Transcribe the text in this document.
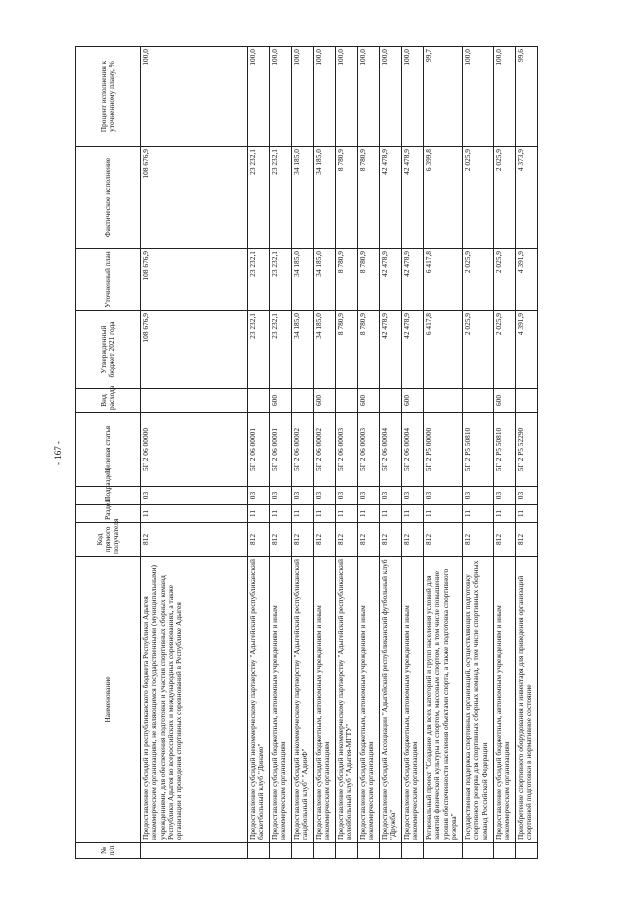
- 167 -
№ п/п	Наименование	Код прямого получателя	Раздел	Подраздел	Целевая статья	Вид расхода	Утвержденный бюджет 2021 года	Уточненный план	Фактическое исполнение	Процент исполнения к уточненному плану, %
	Предоставление субсидий из республиканского бюджета Республики Адыгея некоммерческим организациям, не являющимся государственными (муниципальными) учреждениями, для обеспечения подготовки и участия спортивных сборных команд Республики Адыгея во всероссийских и международных соревнованиях, а также организации и проведения спортивных соревнований в Республике Адыгея	812	11	03	5Г 2 06 00000		108 676,9	108 676,9	108 676,9	100,0
	Предоставление субсидий некоммерческому партнерству "Адыгейский республиканский баскетбольный клуб "Динамо"	812	11	03	5Г 2 06 00001		23 232,1	23 232,1	23 232,1	100,0
	Предоставление субсидий бюджетным, автономным учреждениям и иным некоммерческим организациям	812	11	03	5Г 2 06 00001	600	23 232,1	23 232,1	23 232,1	100,0
	Предоставление субсидий некоммерческому партнерству "Адыгейский республиканский гандбольный клуб" "АдииФ"	812	11	03	5Г 2 06 00002		34 185,0	34 185,0	34 185,0	100,0
	Предоставление субсидий бюджетным, автономным учреждениям и иным некоммерческим организациям	812	11	03	5Г 2 06 00002	600	34 185,0	34 185,0	34 185,0	100,0
	Предоставление субсидий некоммерческому партнерству "Адыгейский республиканский волейбольный клуб "Адыгея-МГТУ"	812	11	03	5Г 2 06 00003		8 780,9	8 780,9	8 780,9	100,0
	Предоставление субсидий бюджетным, автономным учреждениям и иным некоммерческим организациям	812	11	03	5Г 2 06 00003	600	8 780,9	8 780,9	8 780,9	100,0
	Предоставление субсидий Ассоциации "Адыгейский республиканский футбольный клуб "Дружба"	812	11	03	5Г 2 06 00004		42 478,9	42 478,9	42 478,9	100,0
	Предоставление субсидий бюджетным, автономным учреждениям и иным некоммерческим организациям	812	11	03	5Г 2 06 00004	600	42 478,9	42 478,9	42 478,9	100,0
	Региональный проект "Создание для всех категорий и групп населения условий для занятий физической культуры и спортом, массовым спортом, в том числе повышение уровня обеспеченности населения объектами спорта, а также подготовка спортивного резерва"	812	11	03	5Г 2 Р5 00000		6 417,8	6 417,8	6 399,8	99,7
	Государственная поддержка спортивных организаций, осуществляющих подготовку спортивного резерва для спортивных сборных команд, в том числе спортивных сборных команд Российской Федерации	812	11	03	5Г 2 Р5 50810		2 025,9	2 025,9	2 025,9	100,0
	Предоставление субсидий бюджетным, автономным учреждениям и иным некоммерческим организациям	812	11	03	5Г 2 Р5 50810	600	2 025,9	2 025,9	2 025,9	100,0
	Приобретение спортивного оборудования и инвентаря для приведения организаций спортивной подготовки в нормативное состояние	812	11	03	5Г 2 Р5 52290		4 391,9	4 391,9	4 373,9	99,6
